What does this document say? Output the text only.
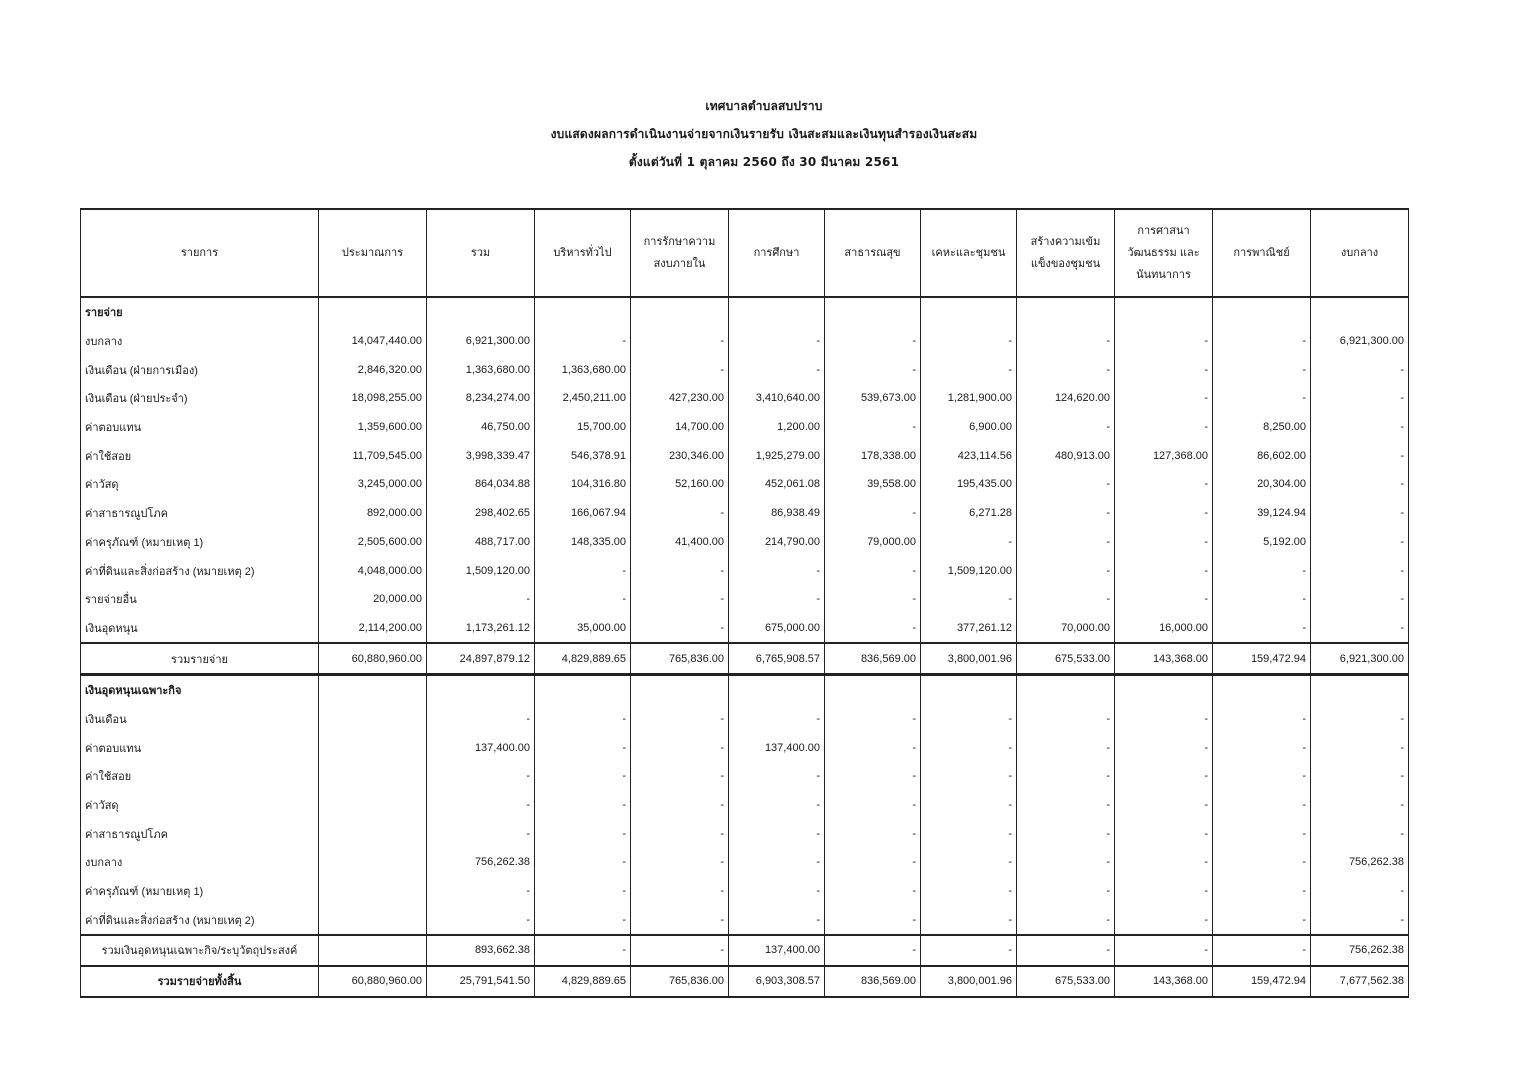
เทศบาลตำบลสบปราบ
งบแสดงผลการดำเนินงานจ่ายจากเงินรายรับ เงินสะสมและเงินทุนสำรองเงินสะสม
ตั้งแต่วันที่ 1 ตุลาคม 2560 ถึง 30 มีนาคม 2561
รายการ	ประมาณการ	รวม	บริหารทั่วไป	การรักษาความสงบภายใน	การศึกษา	สาธารณสุข	เคหะและชุมชน	สร้างความเข้มแข็งของชุมชน	การศาสนา วัฒนธรรม และนันทนาการ	การพาณิชย์	งบกลาง
รายจ่าย											
งบกลาง	14,047,440.00	6,921,300.00	-	-	-	-	-	-	-	-	6,921,300.00
เงินเดือน (ฝ่ายการเมือง)	2,846,320.00	1,363,680.00	1,363,680.00	-	-	-	-	-	-	-	-
เงินเดือน (ฝ่ายประจำ)	18,098,255.00	8,234,274.00	2,450,211.00	427,230.00	3,410,640.00	539,673.00	1,281,900.00	124,620.00	-	-	-
ค่าตอบแทน	1,359,600.00	46,750.00	15,700.00	14,700.00	1,200.00	-	6,900.00	-	-	8,250.00	-
ค่าใช้สอย	11,709,545.00	3,998,339.47	546,378.91	230,346.00	1,925,279.00	178,338.00	423,114.56	480,913.00	127,368.00	86,602.00	-
ค่าวัสดุ	3,245,000.00	864,034.88	104,316.80	52,160.00	452,061.08	39,558.00	195,435.00	-	-	20,304.00	-
ค่าสาธารณูปโภค	892,000.00	298,402.65	166,067.94	-	86,938.49	-	6,271.28	-	-	39,124.94	-
ค่าครุภัณฑ์ (หมายเหตุ 1)	2,505,600.00	488,717.00	148,335.00	41,400.00	214,790.00	79,000.00	-	-	-	5,192.00	-
ค่าที่ดินและสิ่งก่อสร้าง (หมายเหตุ 2)	4,048,000.00	1,509,120.00	-	-	-	-	1,509,120.00	-	-	-	-
รายจ่ายอื่น	20,000.00	-	-	-	-	-	-	-	-	-	-
เงินอุดหนุน	2,114,200.00	1,173,261.12	35,000.00	-	675,000.00	-	377,261.12	70,000.00	16,000.00	-	-
รวมรายจ่าย	60,880,960.00	24,897,879.12	4,829,889.65	765,836.00	6,765,908.57	836,569.00	3,800,001.96	675,533.00	143,368.00	159,472.94	6,921,300.00
เงินอุดหนุนเฉพาะกิจ											
เงินเดือน		-	-	-	-	-	-	-	-	-	-
ค่าตอบแทน		137,400.00	-	-	137,400.00	-	-	-	-	-	-
ค่าใช้สอย		-	-	-	-	-	-	-	-	-	-
ค่าวัสดุ		-	-	-	-	-	-	-	-	-	-
ค่าสาธารณูปโภค		-	-	-	-	-	-	-	-	-	-
งบกลาง		756,262.38	-	-	-	-	-	-	-	-	756,262.38
ค่าครุภัณฑ์ (หมายเหตุ 1)		-	-	-	-	-	-	-	-	-	-
ค่าที่ดินและสิ่งก่อสร้าง (หมายเหตุ 2)		-	-	-	-	-	-	-	-	-	-
รวมเงินอุดหนุนเฉพาะกิจ/ระบุวัตถุประสงค์		893,662.38	-	-	137,400.00	-	-	-	-	-	756,262.38
รวมรายจ่ายทั้งสิ้น	60,880,960.00	25,791,541.50	4,829,889.65	765,836.00	6,903,308.57	836,569.00	3,800,001.96	675,533.00	143,368.00	159,472.94	7,677,562.38
